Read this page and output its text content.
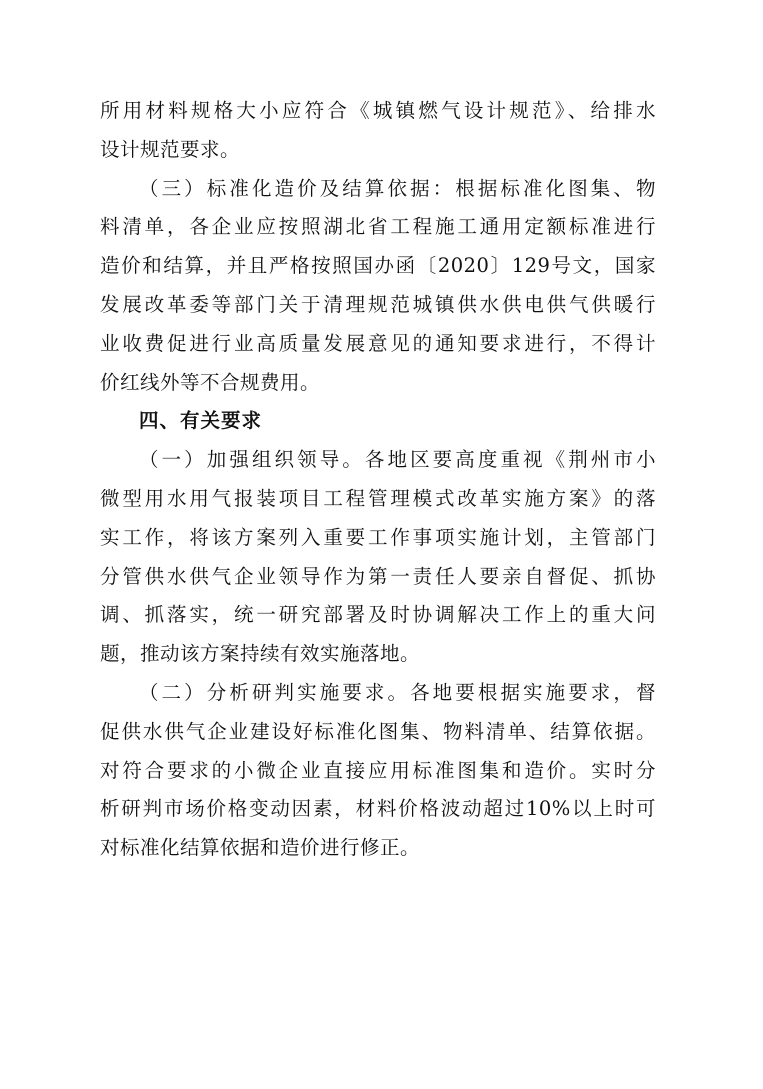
所用材料规格大小应符合《城镇燃气设计规范》、给排水
设计规范要求。

（三）标准化造价及结算依据：根据标准化图集、物
料清单，各企业应按照湖北省工程施工通用定额标准进行
造价和结算，并且严格按照国办函〔2020〕129号文，国家
发展改革委等部门关于清理规范城镇供水供电供气供暖行
业收费促进行业高质量发展意见的通知要求进行，不得计
价红线外等不合规费用。

四、有关要求

（一）加强组织领导。各地区要高度重视《荆州市小
微型用水用气报装项目工程管理模式改革实施方案》的落
实工作，将该方案列入重要工作事项实施计划，主管部门
分管供水供气企业领导作为第一责任人要亲自督促、抓协
调、抓落实，统一研究部署及时协调解决工作上的重大问
题，推动该方案持续有效实施落地。

（二）分析研判实施要求。各地要根据实施要求，督
促供水供气企业建设好标准化图集、物料清单、结算依据。
对符合要求的小微企业直接应用标准图集和造价。实时分
析研判市场价格变动因素，材料价格波动超过10%以上时可
对标准化结算依据和造价进行修正。
